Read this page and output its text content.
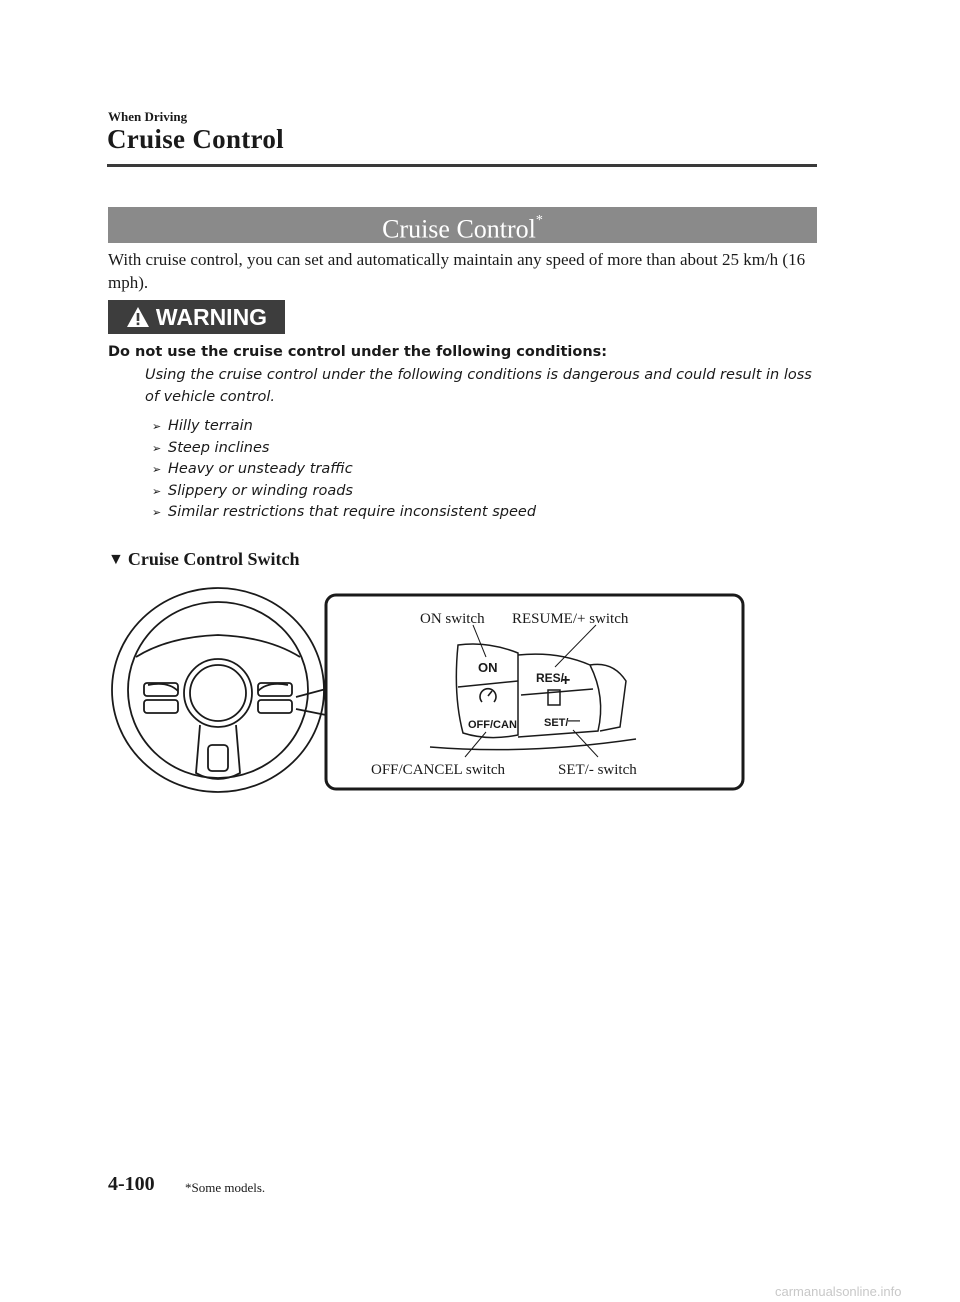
When Driving
Cruise Control
Cruise Control*
With cruise control, you can set and automatically maintain any speed of more than about 25 km/h (16 mph).
WARNING
Do not use the cruise control under the following conditions:
Using the cruise control under the following conditions is dangerous and could result in loss of vehicle control.
➢ Hilly terrain
➢ Steep inclines
➢ Heavy or unsteady traffic
➢ Slippery or winding roads
➢ Similar restrictions that require inconsistent speed
▼ Cruise Control Switch
ON
RES/
+
OFF/CAN SET/ —
ON switch RESUME/+ switch
OFF/CANCEL switch	SET/- switch
4-100 *Some models.
carmanualsonline.info
